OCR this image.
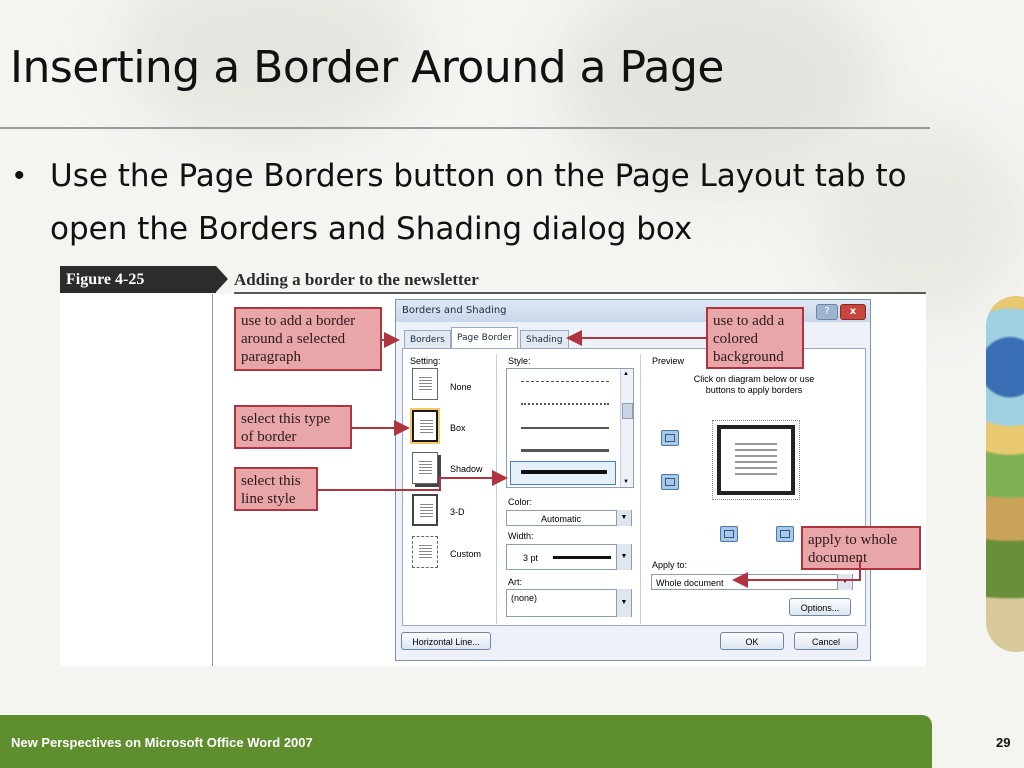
Inserting a Border Around a Page
• Use the Page Borders button on the Page Layout tab to open the Borders and Shading dialog box
Figure 4-25	Adding a border to the newsletter
Borders and Shading	?	x
Borders	Page Border	Shading
Setting:
None
Box
Shadow
3-D
Custom
Style:
▲
▼
Color:
Automatic	▼
Width:
3 pt	▼
Art:
(none)	▼
Preview
Click on diagram below or use buttons to apply borders
Apply to:
Whole document	▼
Options...
Horizontal Line...	OK	Cancel
use to add a border around a selected paragraph
select this type of border
select this line style
use to add a colored background
apply to whole document
New Perspectives on Microsoft Office Word 2007	29
